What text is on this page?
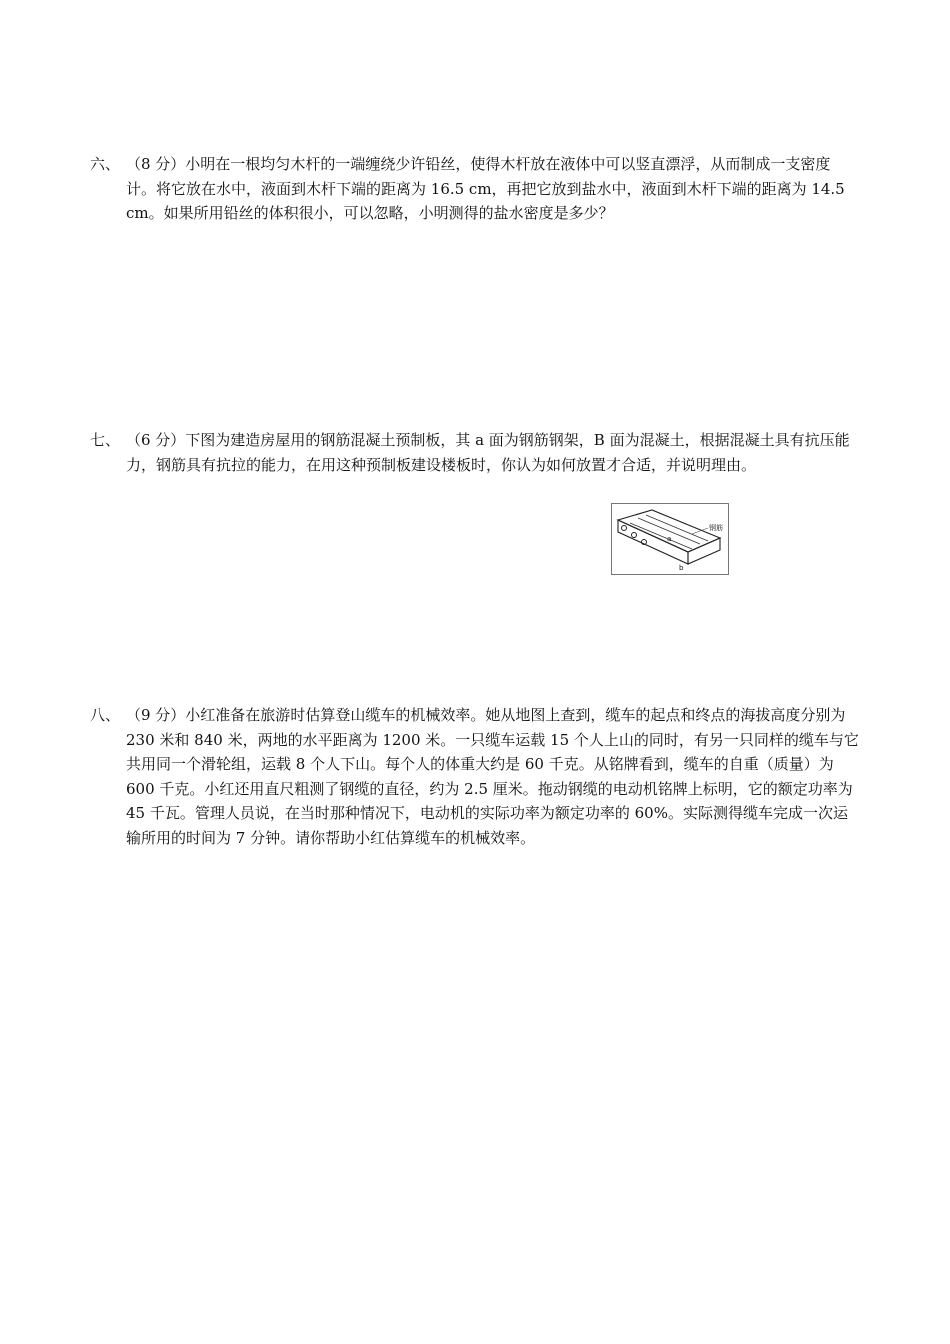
六、 （8 分）小明在一根均匀木杆的一端缠绕少许铅丝，使得木杆放在液体中可以竖直漂浮，从而制成一支密度计。将它放在水中，液面到木杆下端的距离为 16.5 cm，再把它放到盐水中，液面到木杆下端的距离为 14.5 cm。如果所用铅丝的体积很小，可以忽略，小明测得的盐水密度是多少？
七、 （6 分）下图为建造房屋用的钢筋混凝土预制板，其 a 面为钢筋钢架，B 面为混凝土，根据混凝土具有抗压能力，钢筋具有抗拉的能力，在用这种预制板建设楼板时，你认为如何放置才合适，并说明理由。
钢筋
a
b
八、 （9 分）小红准备在旅游时估算登山缆车的机械效率。她从地图上查到，缆车的起点和终点的海拔高度分别为 230 米和 840 米，两地的水平距离为 1200 米。一只缆车运载 15 个人上山的同时，有另一只同样的缆车与它共用同一个滑轮组，运载 8 个人下山。每个人的体重大约是 60 千克。从铭牌看到，缆车的自重（质量）为 600 千克。小红还用直尺粗测了钢缆的直径，约为 2.5 厘米。拖动钢缆的电动机铭牌上标明，它的额定功率为 45 千瓦。管理人员说，在当时那种情况下，电动机的实际功率为额定功率的 60%。实际测得缆车完成一次运输所用的时间为 7 分钟。请你帮助小红估算缆车的机械效率。
